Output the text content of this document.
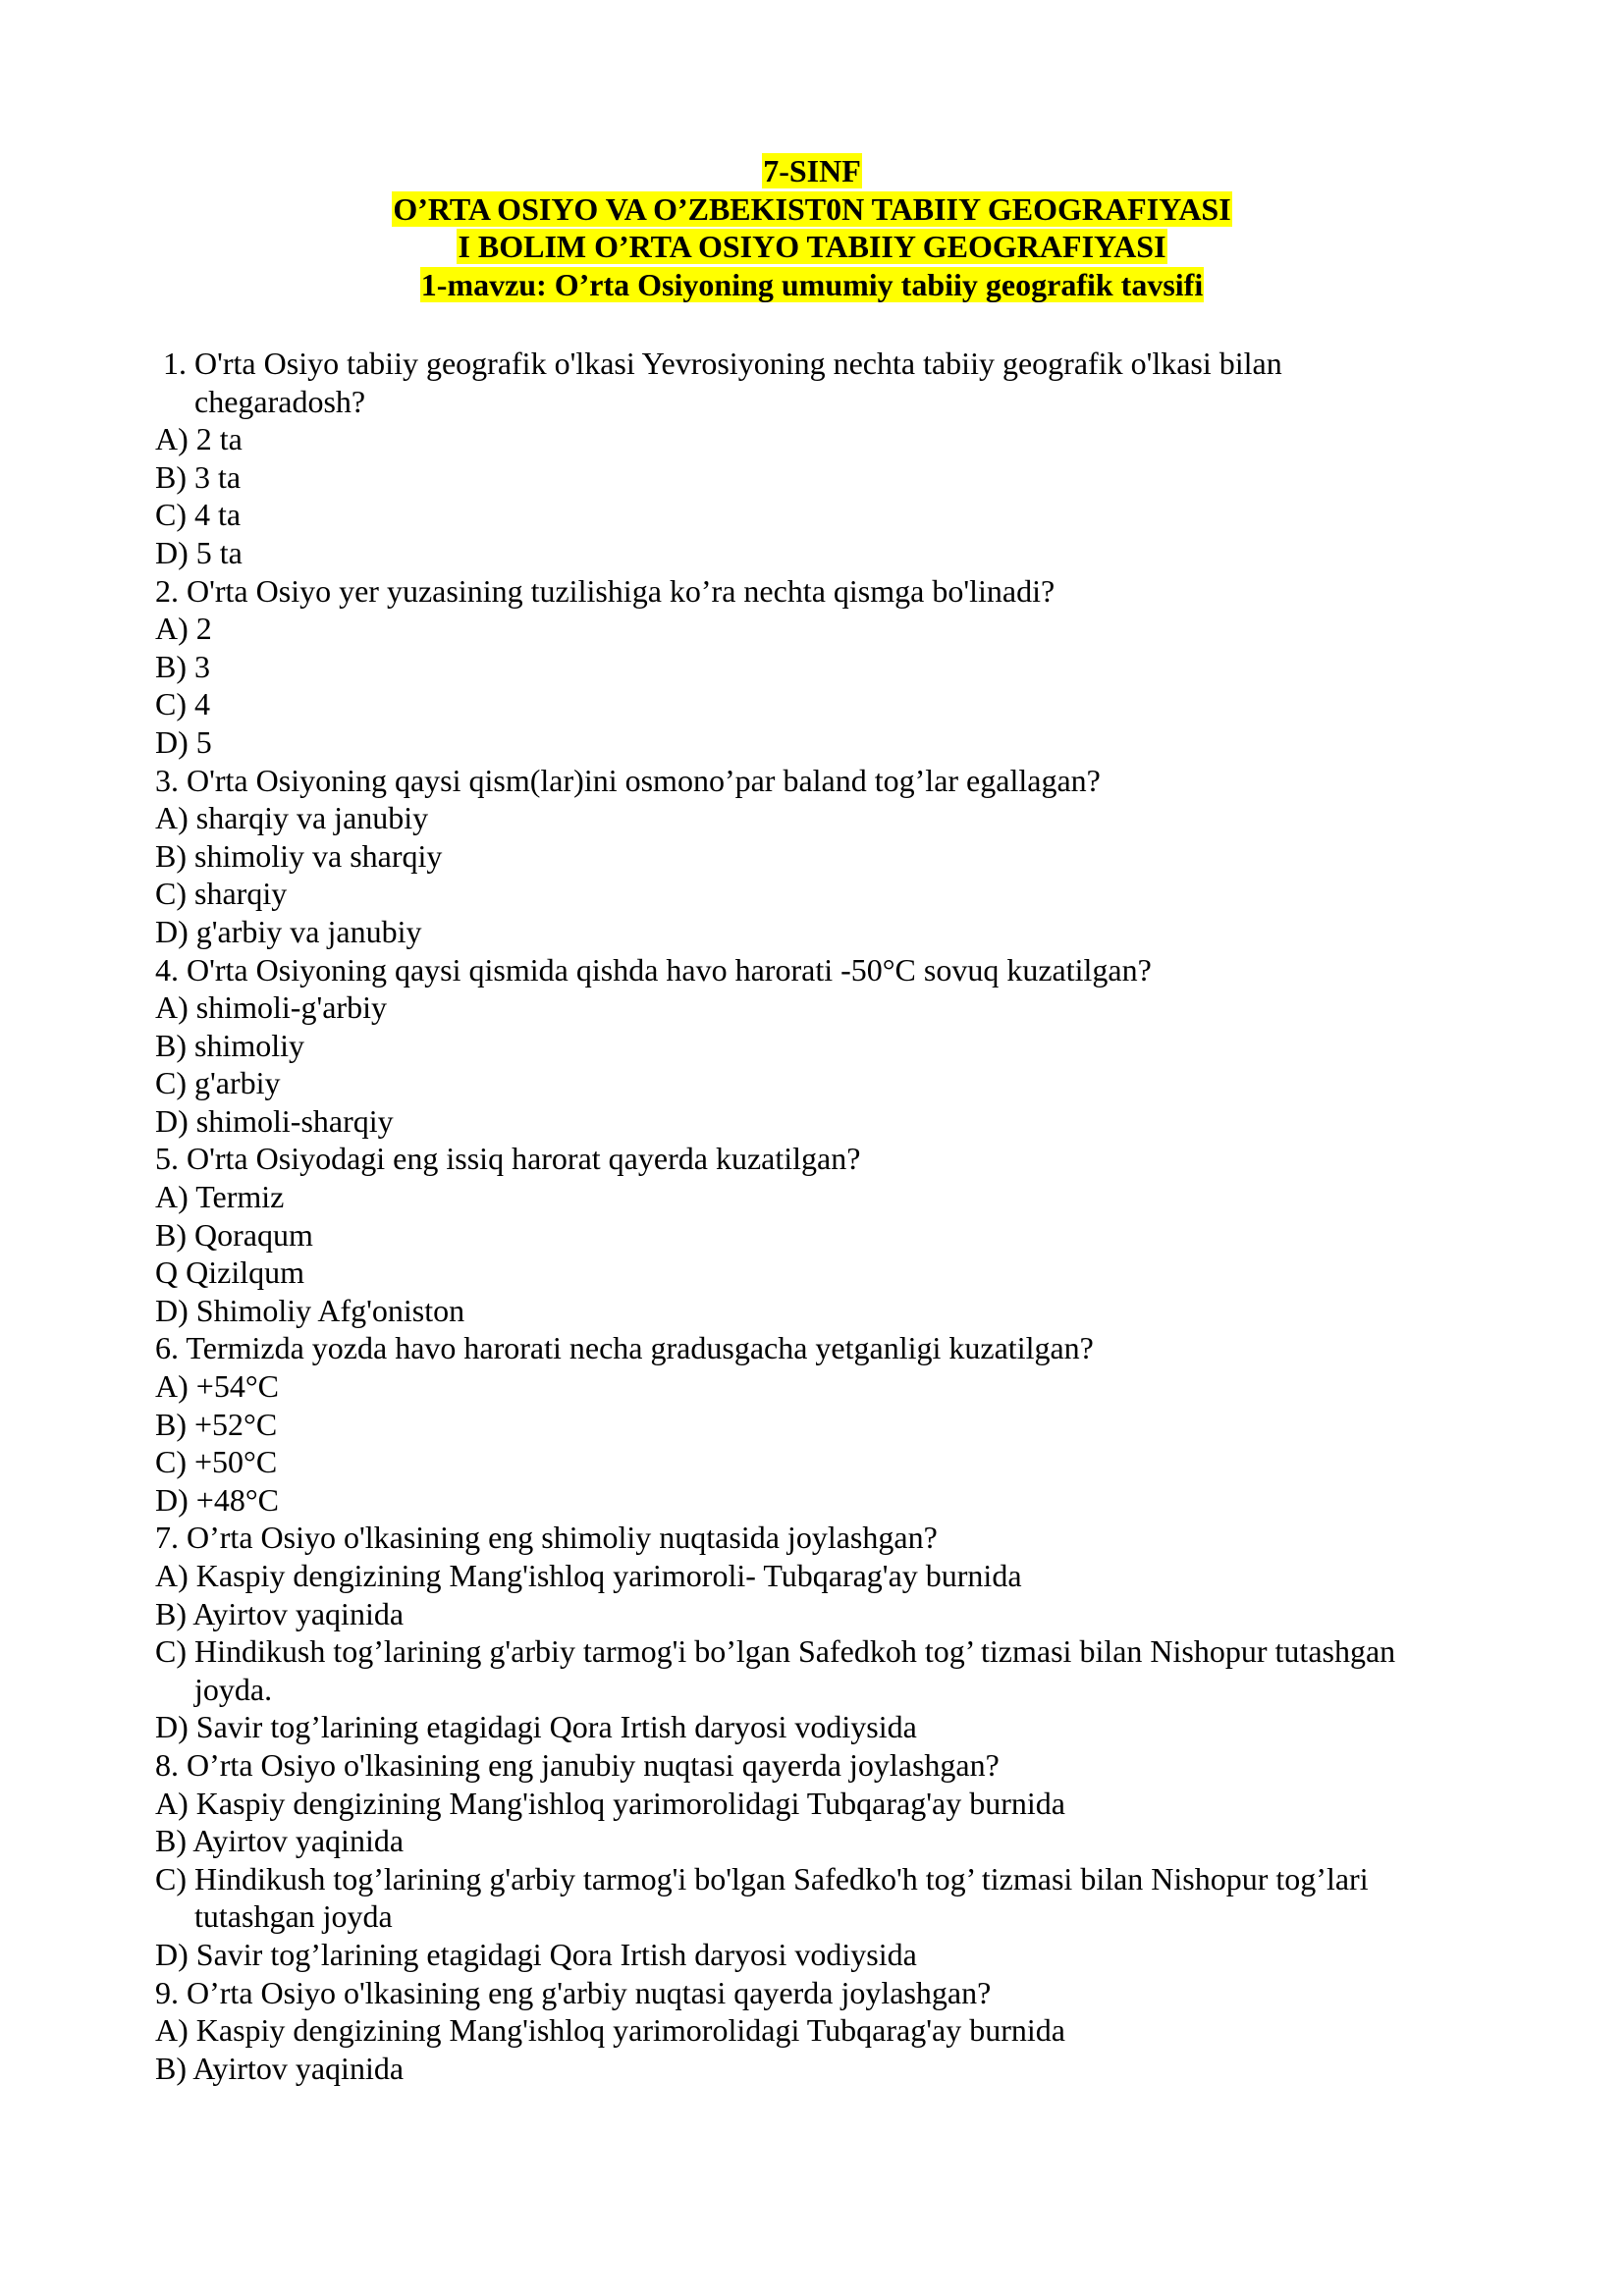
7-SINF
O’RTA OSIYO VA O’ZBEKIST0N TABIIY GEOGRAFIYASI
I BOLIM O’RTA OSIYO TABIIY GEOGRAFIYASI
1-mavzu: O’rta Osiyoning umumiy tabiiy geografik tavsifi
1. O'rta Osiyo tabiiy geografik o'lkasi Yevrosiyoning nechta tabiiy geografik o'lkasi bilan
chegaradosh?
A) 2 ta
B) 3 ta
C) 4 ta
D) 5 ta
2. O'rta Osiyo yer yuzasining tuzilishiga ko’ra nechta qismga bo'linadi?
A) 2
B) 3
C) 4
D) 5
3. O'rta Osiyoning qaysi qism(lar)ini osmono’par baland tog’lar egallagan?
A) sharqiy va janubiy
B) shimoliy va sharqiy
C) sharqiy
D) g'arbiy va janubiy
4. O'rta Osiyoning qaysi qismida qishda havo harorati -50°C sovuq kuzatilgan?
A) shimoli-g'arbiy
B) shimoliy
C) g'arbiy
D) shimoli-sharqiy
5. O'rta Osiyodagi eng issiq harorat qayerda kuzatilgan?
A) Termiz
B) Qoraqum
Q Qizilqum
D) Shimoliy Afg'oniston
6. Termizda yozda havo harorati necha gradusgacha yetganligi kuzatilgan?
A) +54°C
B) +52°C
C) +50°C
D) +48°C
7. O’rta Osiyo o'lkasining eng shimoliy nuqtasida joylashgan?
A) Kaspiy dengizining Mang'ishloq yarimoroli- Tubqarag'ay burnida
B) Ayirtov yaqinida
C) Hindikush tog’larining g'arbiy tarmog'i bo’lgan Safedkoh tog’ tizmasi bilan Nishopur tutashgan
joyda.
D) Savir tog’larining etagidagi Qora Irtish daryosi vodiysida
8. O’rta Osiyo o'lkasining eng janubiy nuqtasi qayerda joylashgan?
A) Kaspiy dengizining Mang'ishloq yarimorolidagi Tubqarag'ay burnida
B) Ayirtov yaqinida
C) Hindikush tog’larining g'arbiy tarmog'i bo'lgan Safedko'h tog’ tizmasi bilan Nishopur tog’lari
tutashgan joyda
D) Savir tog’larining etagidagi Qora Irtish daryosi vodiysida
9. O’rta Osiyo o'lkasining eng g'arbiy nuqtasi qayerda joylashgan?
A) Kaspiy dengizining Mang'ishloq yarimorolidagi Tubqarag'ay burnida
B) Ayirtov yaqinida
